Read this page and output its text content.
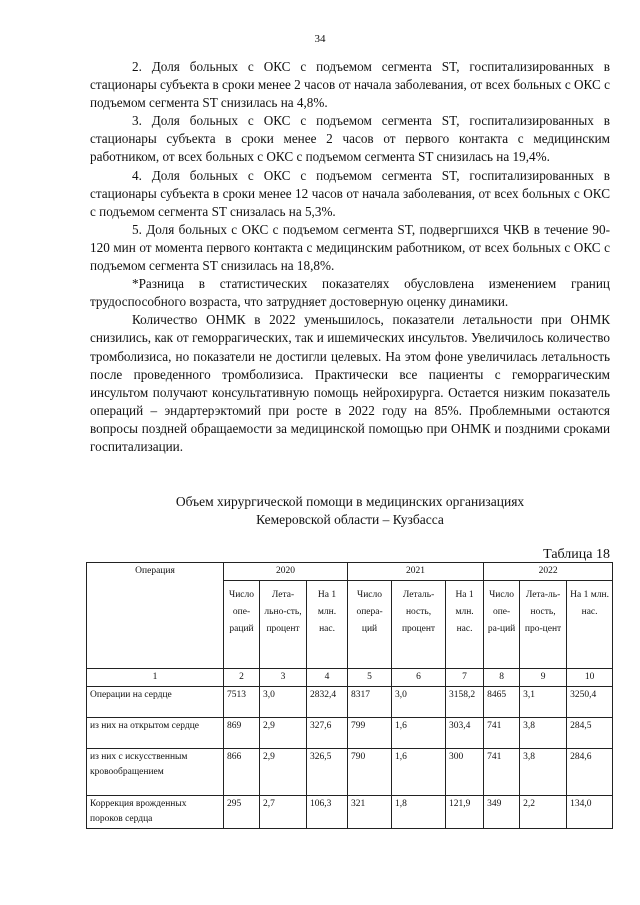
34

2. Доля больных с ОКС с подъемом сегмента ST, госпитализированных в стационары субъекта в сроки менее 2 часов от начала заболевания, от всех больных с ОКС с подъемом сегмента ST снизилась на 4,8%.

3. Доля больных с ОКС с подъемом сегмента ST, госпитализированных в стационары субъекта в сроки менее 2 часов от первого контакта с медицинским работником, от всех больных с ОКС с подъемом сегмента ST снизилась на 19,4%.

4. Доля больных с ОКС с подъемом сегмента ST, госпитализированных в стационары субъекта в сроки менее 12 часов от начала заболевания, от всех больных с ОКС с подъемом сегмента ST снизалась на 5,3%.

5. Доля больных с ОКС с подъемом сегмента ST, подвергшихся ЧКВ в течение 90-120 мин от момента первого контакта с медицинским работником, от всех больных с ОКС с подъемом сегмента ST снизилась на 18,8%.

*Разница в статистических показателях обусловлена изменением границ трудоспособного возраста, что затрудняет достоверную оценку динамики.

Количество ОНМК в 2022 уменьшилось, показатели летальности при ОНМК снизились, как от геморрагических, так и ишемических инсультов. Увеличилось количество тромболизиса, но показатели не достигли целевых. На этом фоне увеличилась летальность после проведенного тромболизиса. Практически все пациенты с геморрагическим инсультом получают консультативную помощь нейрохирурга. Остается низким показатель операций – эндартерэктомий при росте в 2022 году на 85%. Проблемными остаются вопросы поздней обращаемости за медицинской помощью при ОНМК и поздними сроками госпитализации.

Объем хирургической помощи в медицинских организациях
Кемеровской области – Кузбасса
Таблица 18
Операция	2020			2021			2022		
	Число опе-раций	Лета-льно-сть, процент	На 1 млн. нас.	Число опера-ций	Леталь-ность, процент	На 1 млн. нас.	Число опе-ра-ций	Лета-ль-ность, про-цент	На 1 млн. нас.
1	2	3	4	5	6	7	8	9	10
Операции на сердце	7513	3,0	2832,4	8317	3,0	3158,2	8465	3,1	3250,4
из них на открытом сердце	869	2,9	327,6	799	1,6	303,4	741	3,8	284,5
из них с искусственным кровообращением	866	2,9	326,5	790	1,6	300	741	3,8	284,6
Коррекция врожденных пороков сердца	295	2,7	106,3	321	1,8	121,9	349	2,2	134,0
